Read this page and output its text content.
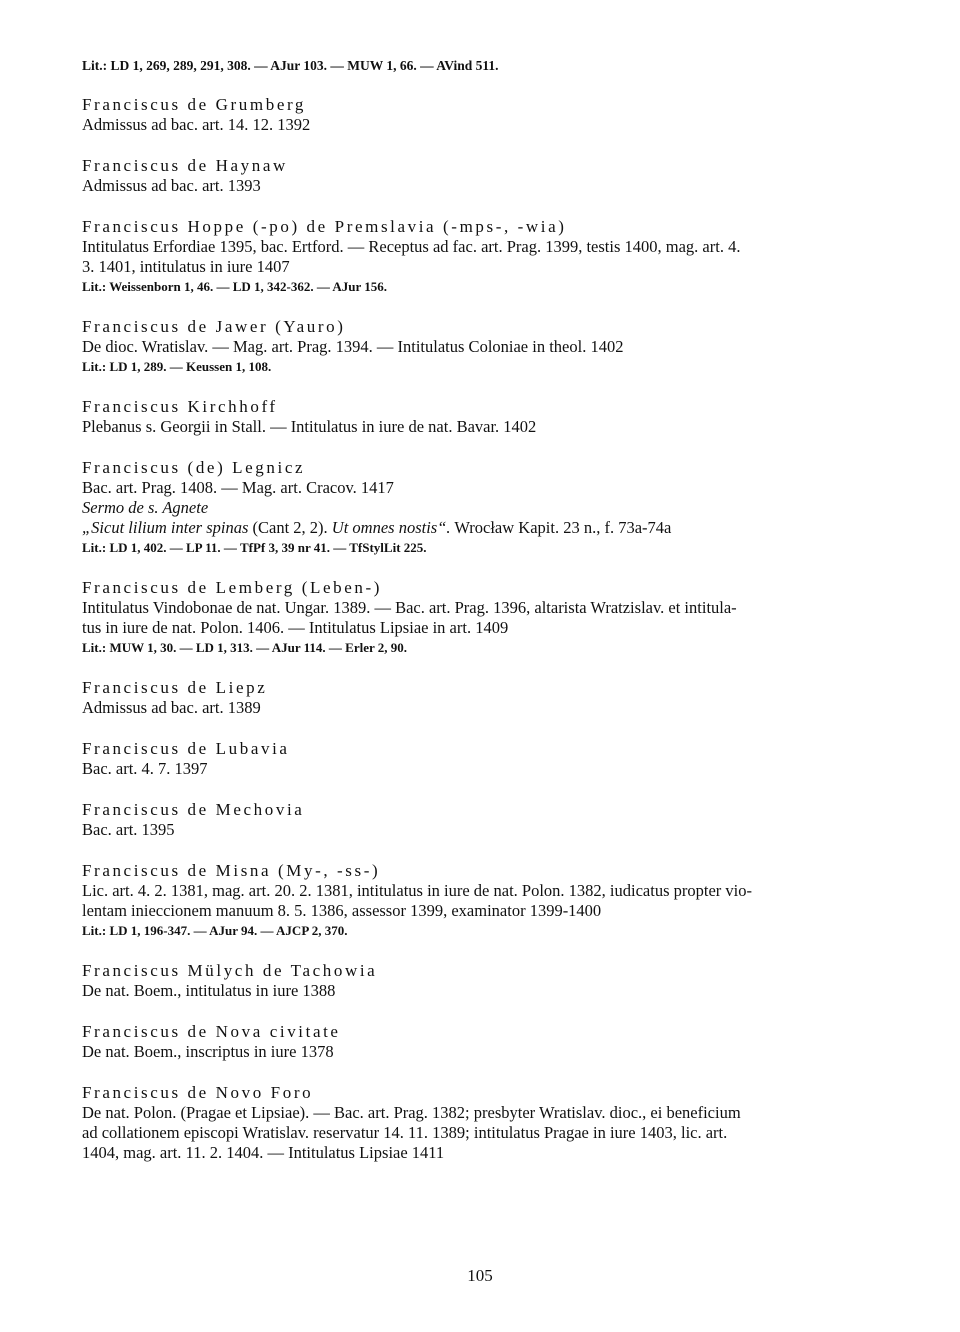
Lit.: LD 1, 269, 289, 291, 308. — AJur 103. — MUW 1, 66. — AVind 511.
Franciscus de Grumberg
Admissus ad bac. art. 14. 12. 1392
Franciscus de Haynaw
Admissus ad bac. art. 1393
Franciscus Hoppe (-po) de Premslavia (-mps-, -wia)
Intitulatus Erfordiae 1395, bac. Ertford. — Receptus ad fac. art. Prag. 1399, testis 1400, mag. art. 4.
3. 1401, intitulatus in iure 1407
Lit.: Weissenborn 1, 46. — LD 1, 342-362. — AJur 156.
Franciscus de Jawer (Yauro)
De dioc. Wratislav. — Mag. art. Prag. 1394. — Intitulatus Coloniae in theol. 1402
Lit.: LD 1, 289. — Keussen 1, 108.
Franciscus Kirchhoff
Plebanus s. Georgii in Stall. — Intitulatus in iure de nat. Bavar. 1402
Franciscus (de) Legnicz
Bac. art. Prag. 1408. — Mag. art. Cracov. 1417
Sermo de s. Agnete
„Sicut lilium inter spinas (Cant 2, 2). Ut omnes nostis“. Wrocław Kapit. 23 n., f. 73a-74a
Lit.: LD 1, 402. — LP 11. — TfPf 3, 39 nr 41. — TfStylLit 225.
Franciscus de Lemberg (Leben-)
Intitulatus Vindobonae de nat. Ungar. 1389. — Bac. art. Prag. 1396, altarista Wratzislav. et intitula-
tus in iure de nat. Polon. 1406. — Intitulatus Lipsiae in art. 1409
Lit.: MUW 1, 30. — LD 1, 313. — AJur 114. — Erler 2, 90.
Franciscus de Liepz
Admissus ad bac. art. 1389
Franciscus de Lubavia
Bac. art. 4. 7. 1397
Franciscus de Mechovia
Bac. art. 1395
Franciscus de Misna (My-, -ss-)
Lic. art. 4. 2. 1381, mag. art. 20. 2. 1381, intitulatus in iure de nat. Polon. 1382, iudicatus propter vio-
lentam inieccionem manuum 8. 5. 1386, assessor 1399, examinator 1399-1400
Lit.: LD 1, 196-347. — AJur 94. — AJCP 2, 370.
Franciscus Mülych de Tachowia
De nat. Boem., intitulatus in iure 1388
Franciscus de Nova civitate
De nat. Boem., inscriptus in iure 1378
Franciscus de Novo Foro
De nat. Polon. (Pragae et Lipsiae). — Bac. art. Prag. 1382; presbyter Wratislav. dioc., ei beneficium
ad collationem episcopi Wratislav. reservatur 14. 11. 1389; intitulatus Pragae in iure 1403, lic. art.
1404, mag. art. 11. 2. 1404. — Intitulatus Lipsiae 1411
105
